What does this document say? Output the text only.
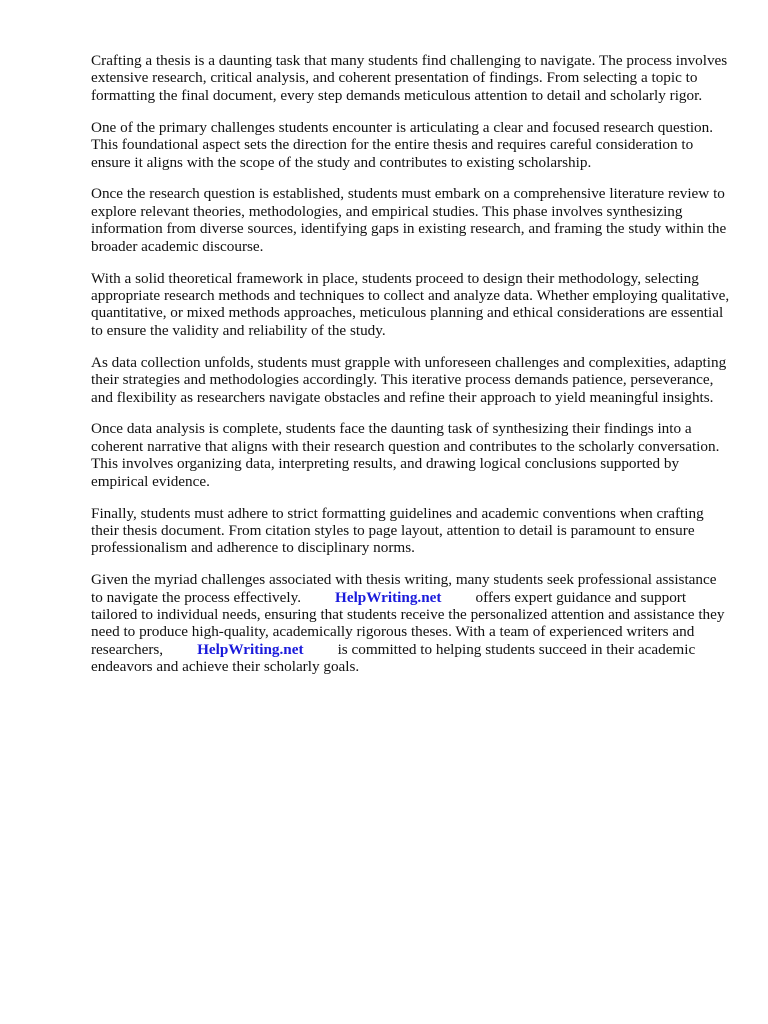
Crafting a thesis is a daunting task that many students find challenging to navigate. The process involves extensive research, critical analysis, and coherent presentation of findings. From selecting a topic to formatting the final document, every step demands meticulous attention to detail and scholarly rigor.

One of the primary challenges students encounter is articulating a clear and focused research question. This foundational aspect sets the direction for the entire thesis and requires careful consideration to ensure it aligns with the scope of the study and contributes to existing scholarship.

Once the research question is established, students must embark on a comprehensive literature review to explore relevant theories, methodologies, and empirical studies. This phase involves synthesizing information from diverse sources, identifying gaps in existing research, and framing the study within the broader academic discourse.

With a solid theoretical framework in place, students proceed to design their methodology, selecting appropriate research methods and techniques to collect and analyze data. Whether employing qualitative, quantitative, or mixed methods approaches, meticulous planning and ethical considerations are essential to ensure the validity and reliability of the study.

As data collection unfolds, students must grapple with unforeseen challenges and complexities, adapting their strategies and methodologies accordingly. This iterative process demands patience, perseverance, and flexibility as researchers navigate obstacles and refine their approach to yield meaningful insights.

Once data analysis is complete, students face the daunting task of synthesizing their findings into a coherent narrative that aligns with their research question and contributes to the scholarly conversation. This involves organizing data, interpreting results, and drawing logical conclusions supported by empirical evidence.

Finally, students must adhere to strict formatting guidelines and academic conventions when crafting their thesis document. From citation styles to page layout, attention to detail is paramount to ensure professionalism and adherence to disciplinary norms.

Given the myriad challenges associated with thesis writing, many students seek professional assistance to navigate the process effectively. HelpWriting.net offers expert guidance and support tailored to individual needs, ensuring that students receive the personalized attention and assistance they need to produce high-quality, academically rigorous theses. With a team of experienced writers and researchers, HelpWriting.net is committed to helping students succeed in their academic endeavors and achieve their scholarly goals.
